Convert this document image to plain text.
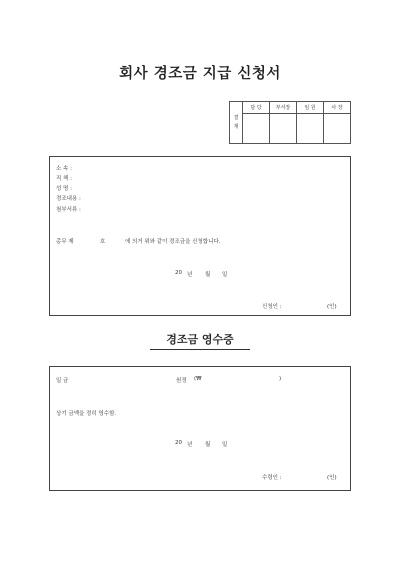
회사 경조금 지급 신청서
결
재	담 당	부서장	임 원	사 장

소 속 :
직 책 :
성 명 :
경조내용 :
첨부서류 :
총무 제	호	에 의거 위와 같이 경조금을 신청합니다.
20 년 월 일
신청인 :	(인)
경조금 영수증
일 금	원정 (₩	)
상기 금액을 정히 영수함.
20 년 월 일
수령인 :	(인)
